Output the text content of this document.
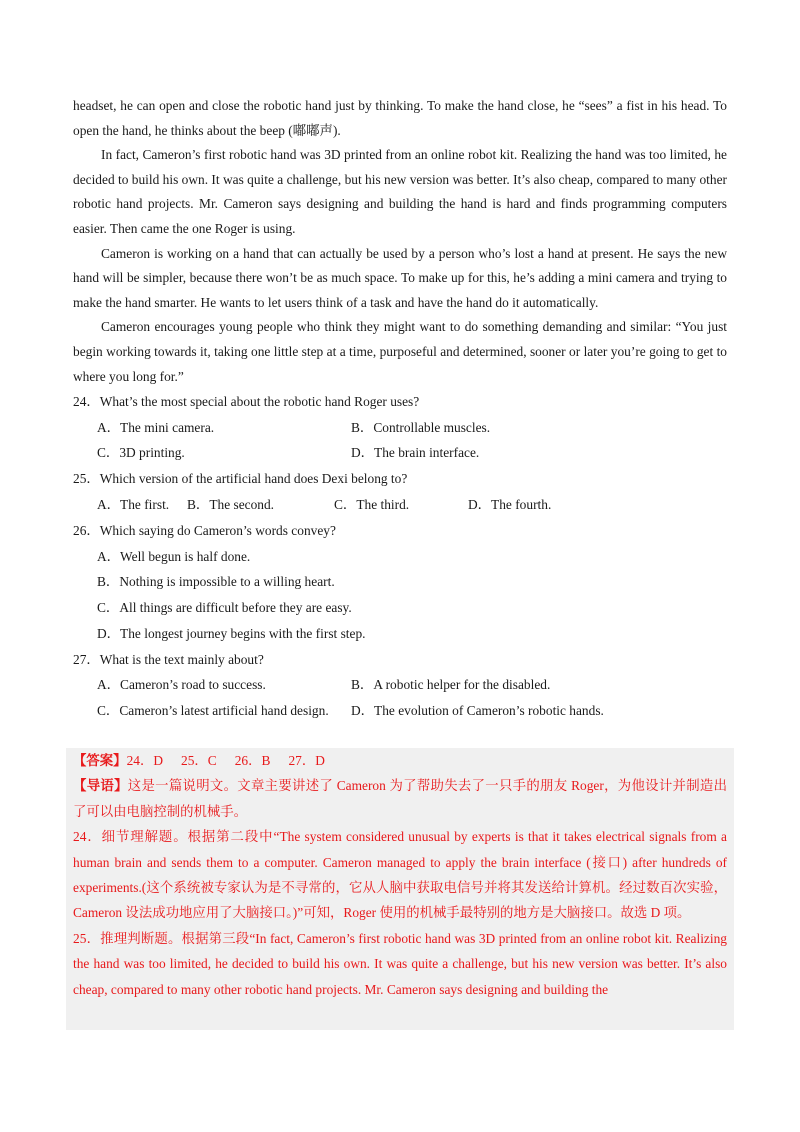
headset, he can open and close the robotic hand just by thinking. To make the hand close, he “sees” a fist in his head. To open the hand, he thinks about the beep (嘟嘟声).

In fact, Cameron’s first robotic hand was 3D printed from an online robot kit. Realizing the hand was too limited, he decided to build his own. It was quite a challenge, but his new version was better. It’s also cheap, compared to many other robotic hand projects. Mr. Cameron says designing and building the hand is hard and finds programming computers easier. Then came the one Roger is using.

Cameron is working on a hand that can actually be used by a person who’s lost a hand at present. He says the new hand will be simpler, because there won’t be as much space. To make up for this, he’s adding a mini camera and trying to make the hand smarter. He wants to let users think of a task and have the hand do it automatically.

Cameron encourages young people who think they might want to do something demanding and similar: “You just begin working towards it, taking one little step at a time, purposeful and determined, sooner or later you’re going to get to where you long for.”

24．What’s the most special about the robotic hand Roger uses?
A．The mini camera.	B．Controllable muscles.
C．3D printing.	D．The brain interface.
25．Which version of the artificial hand does Dexi belong to?
A．The first.	B．The second.	C．The third.	D．The fourth.
26．Which saying do Cameron’s words convey?
A．Well begun is half done.
B．Nothing is impossible to a willing heart.
C．All things are difficult before they are easy.
D．The longest journey begins with the first step.
27．What is the text mainly about?
A．Cameron’s road to success.	B．A robotic helper for the disabled.
C．Cameron’s latest artificial hand design.	D．The evolution of Cameron’s robotic hands.

【答案】24．D 25．C 26．B 27．D

【导语】这是一篇说明文。文章主要讲述了 Cameron 为了帮助失去了一只手的朋友 Roger，为他设计并制造出了可以由电脑控制的机械手。

24．细节理解题。根据第二段中“The system considered unusual by experts is that it takes electrical signals from a human brain and sends them to a computer. Cameron managed to apply the brain interface (接口) after hundreds of experiments.(这个系统被专家认为是不寻常的，它从人脑中获取电信号并将其发送给计算机。经过数百次实验，Cameron 设法成功地应用了大脑接口。)”可知，Roger 使用的机械手最特别的地方是大脑接口。故选 D 项。

25．推理判断题。根据第三段“In fact, Cameron’s first robotic hand was 3D printed from an online robot kit. Realizing the hand was too limited, he decided to build his own. It was quite a challenge, but his new version was better. It’s also cheap, compared to many other robotic hand projects. Mr. Cameron says designing and building the
